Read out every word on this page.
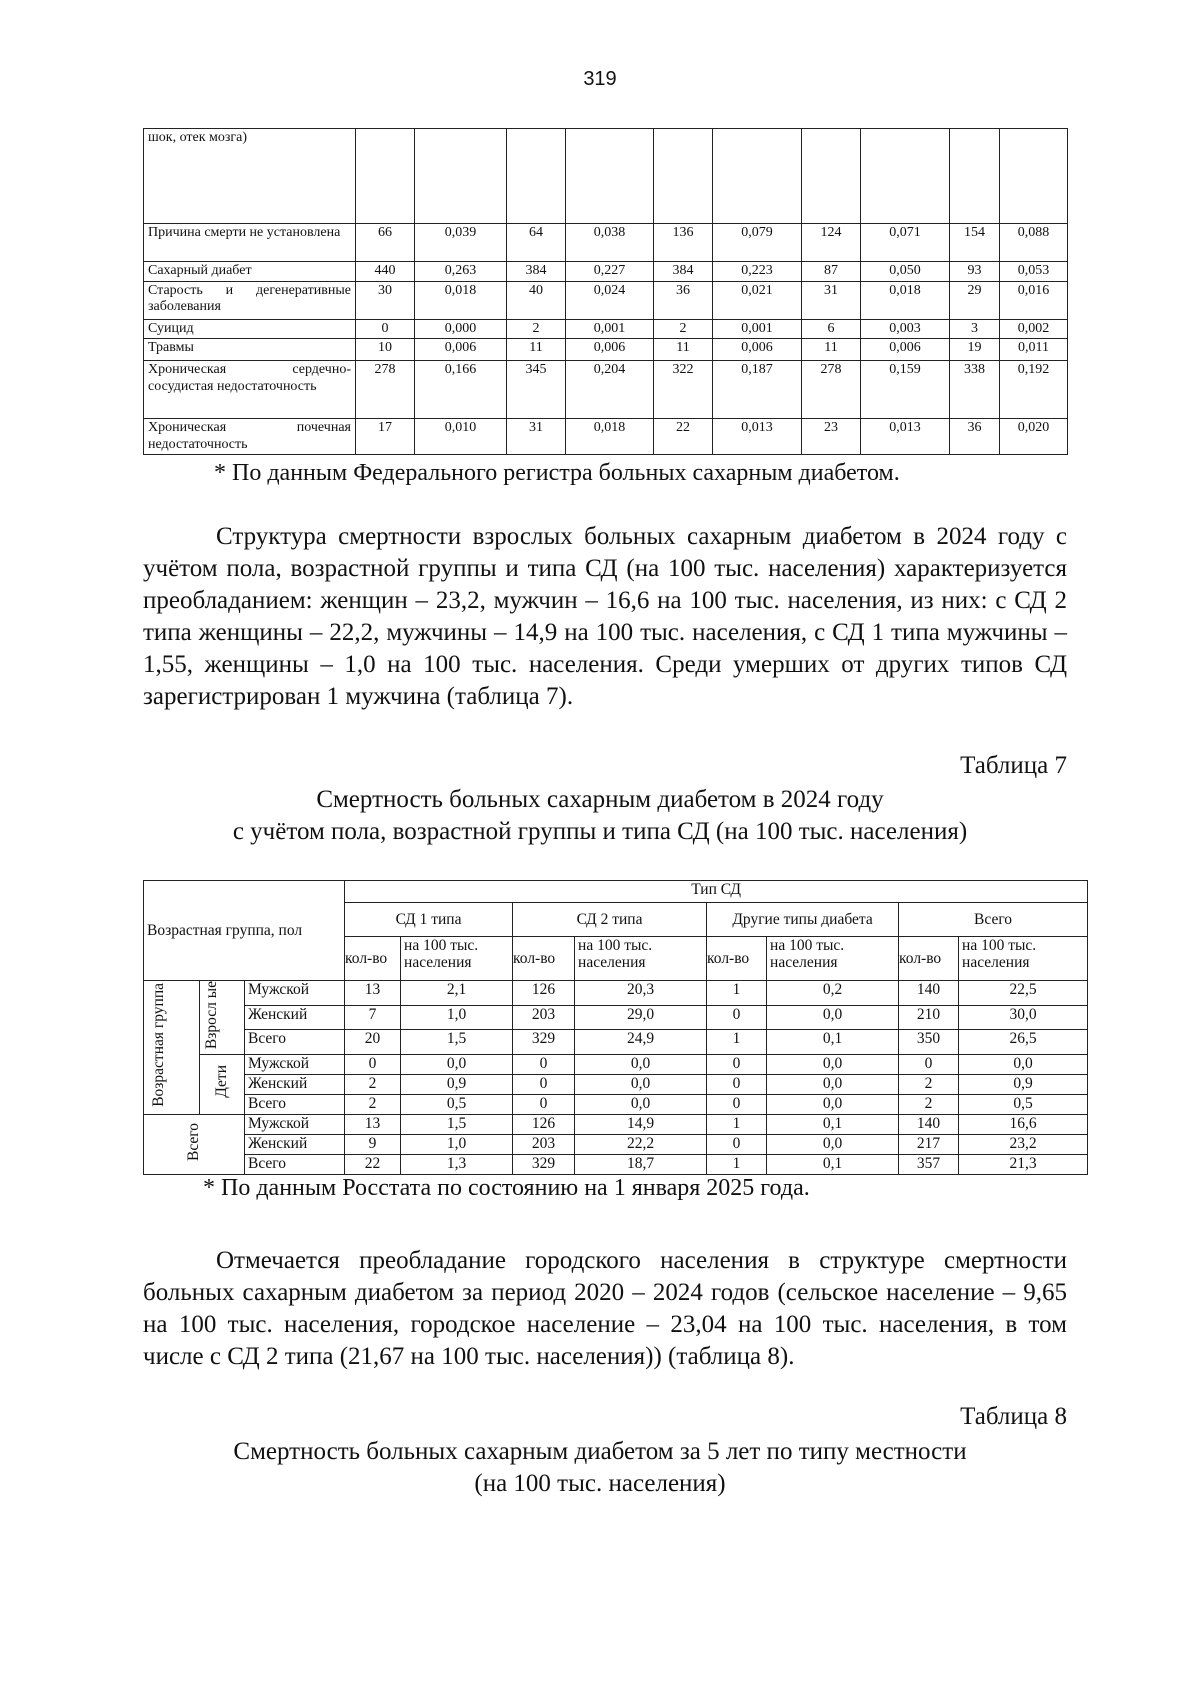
319
шок, отек мозга)										
Причина смерти не установлена	66	0,039	64	0,038	136	0,079	124	0,071	154	0,088
Сахарный диабет	440	0,263	384	0,227	384	0,223	87	0,050	93	0,053
Старость и дегенеративные заболевания	30	0,018	40	0,024	36	0,021	31	0,018	29	0,016
Суицид	0	0,000	2	0,001	2	0,001	6	0,003	3	0,002
Травмы	10	0,006	11	0,006	11	0,006	11	0,006	19	0,011
Хроническая сердечно-сосудистая недостаточность	278	0,166	345	0,204	322	0,187	278	0,159	338	0,192
Хроническая почечная недостаточность	17	0,010	31	0,018	22	0,013	23	0,013	36	0,020
* По данным Федерального регистра больных сахарным диабетом.
Структура смертности взрослых больных сахарным диабетом в 2024 году с учётом пола, возрастной группы и типа СД (на 100 тыс. населения) характеризуется преобладанием: женщин – 23,2, мужчин – 16,6 на 100 тыс. населения, из них: с СД 2 типа женщины – 22,2, мужчины – 14,9 на 100 тыс. населения, с СД 1 типа мужчины – 1,55, женщины – 1,0 на 100 тыс. населения. Среди умерших от других типов СД зарегистрирован 1 мужчина (таблица 7).
Таблица 7
Смертность больных сахарным диабетом в 2024 году
с учётом пола, возрастной группы и типа СД (на 100 тыс. населения)
Возрастная группа, пол			Тип СД							
			СД 1 типа		СД 2 типа		Другие типы диабета		Всего	
			кол-во	на 100 тыс. населения	кол-во	на 100 тыс. населения	кол-во	на 100 тыс. населения	кол-во	на 100 тыс. населения
Возрастная группа	Взросл ые	Мужской	13	2,1	126	20,3	1	0,2	140	22,5
		Женский	7	1,0	203	29,0	0	0,0	210	30,0
		Всего	20	1,5	329	24,9	1	0,1	350	26,5
	Дети	Мужской	0	0,0	0	0,0	0	0,0	0	0,0
		Женский	2	0,9	0	0,0	0	0,0	2	0,9
		Всего	2	0,5	0	0,0	0	0,0	2	0,5
Всего		Мужской	13	1,5	126	14,9	1	0,1	140	16,6
		Женский	9	1,0	203	22,2	0	0,0	217	23,2
		Всего	22	1,3	329	18,7	1	0,1	357	21,3
* По данным Росстата по состоянию на 1 января 2025 года.
Отмечается преобладание городского населения в структуре смертности больных сахарным диабетом за период 2020 – 2024 годов (сельское население – 9,65 на 100 тыс. населения, городское население – 23,04 на 100 тыс. населения, в том числе с СД 2 типа (21,67 на 100 тыс. населения)) (таблица 8).
Таблица 8
Смертность больных сахарным диабетом за 5 лет по типу местности
(на 100 тыс. населения)
